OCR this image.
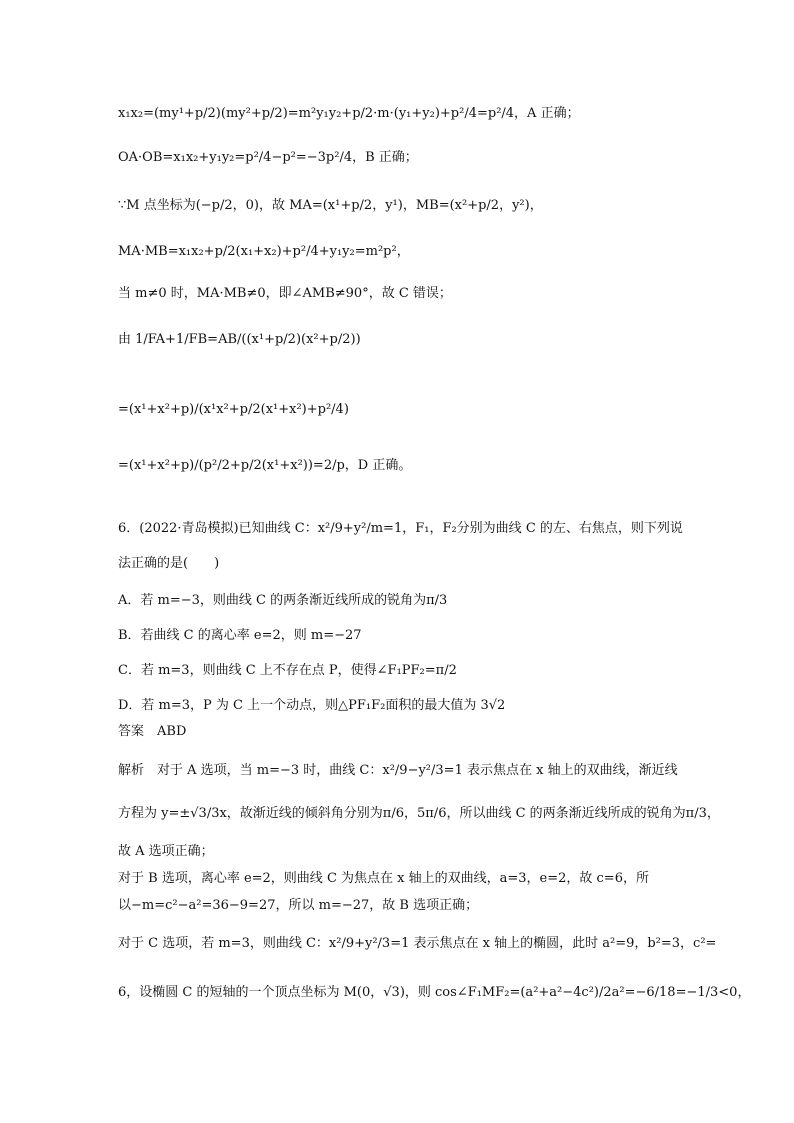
x₁x₂=(my¹+p/2)(my²+p/2)=m²y₁y₂+p/2·m·(y₁+y₂)+p²/4=p²/4，A 正确；
OA·OB=x₁x₂+y₁y₂=p²/4−p²=−3p²/4，B 正确；
∵M 点坐标为(−p/2，0)，故 MA=(x¹+p/2，y¹)，MB=(x²+p/2，y²)，
MA·MB=x₁x₂+p/2(x₁+x₂)+p²/4+y₁y₂=m²p²，
当 m≠0 时，MA·MB≠0，即∠AMB≠90°，故 C 错误；
由 1/FA+1/FB=AB/((x¹+p/2)(x²+p/2))
=(x¹+x²+p)/(x¹x²+p/2(x¹+x²)+p²/4)
=(x¹+x²+p)/(p²/2+p/2(x¹+x²))=2/p，D 正确。
6．(2022·青岛模拟)已知曲线 C：x²/9+y²/m=1，F₁，F₂分别为曲线 C 的左、右焦点，则下列说
法正确的是(　　)
A．若 m=−3，则曲线 C 的两条渐近线所成的锐角为π/3
B．若曲线 C 的离心率 e=2，则 m=−27
C．若 m=3，则曲线 C 上不存在点 P，使得∠F₁PF₂=π/2
D．若 m=3，P 为 C 上一个动点，则△PF₁F₂面积的最大值为 3√2
答案　ABD
解析　对于 A 选项，当 m=−3 时，曲线 C：x²/9−y²/3=1 表示焦点在 x 轴上的双曲线，渐近线
方程为 y=±√3/3x，故渐近线的倾斜角分别为π/6，5π/6，所以曲线 C 的两条渐近线所成的锐角为π/3，
故 A 选项正确；
对于 B 选项，离心率 e=2，则曲线 C 为焦点在 x 轴上的双曲线，a=3，e=2，故 c=6，所
以−m=c²−a²=36−9=27，所以 m=−27，故 B 选项正确；
对于 C 选项，若 m=3，则曲线 C：x²/9+y²/3=1 表示焦点在 x 轴上的椭圆，此时 a²=9，b²=3，c²=
6，设椭圆 C 的短轴的一个顶点坐标为 M(0，√3)，则 cos∠F₁MF₂=(a²+a²−4c²)/2a²=−6/18=−1/3<0，
